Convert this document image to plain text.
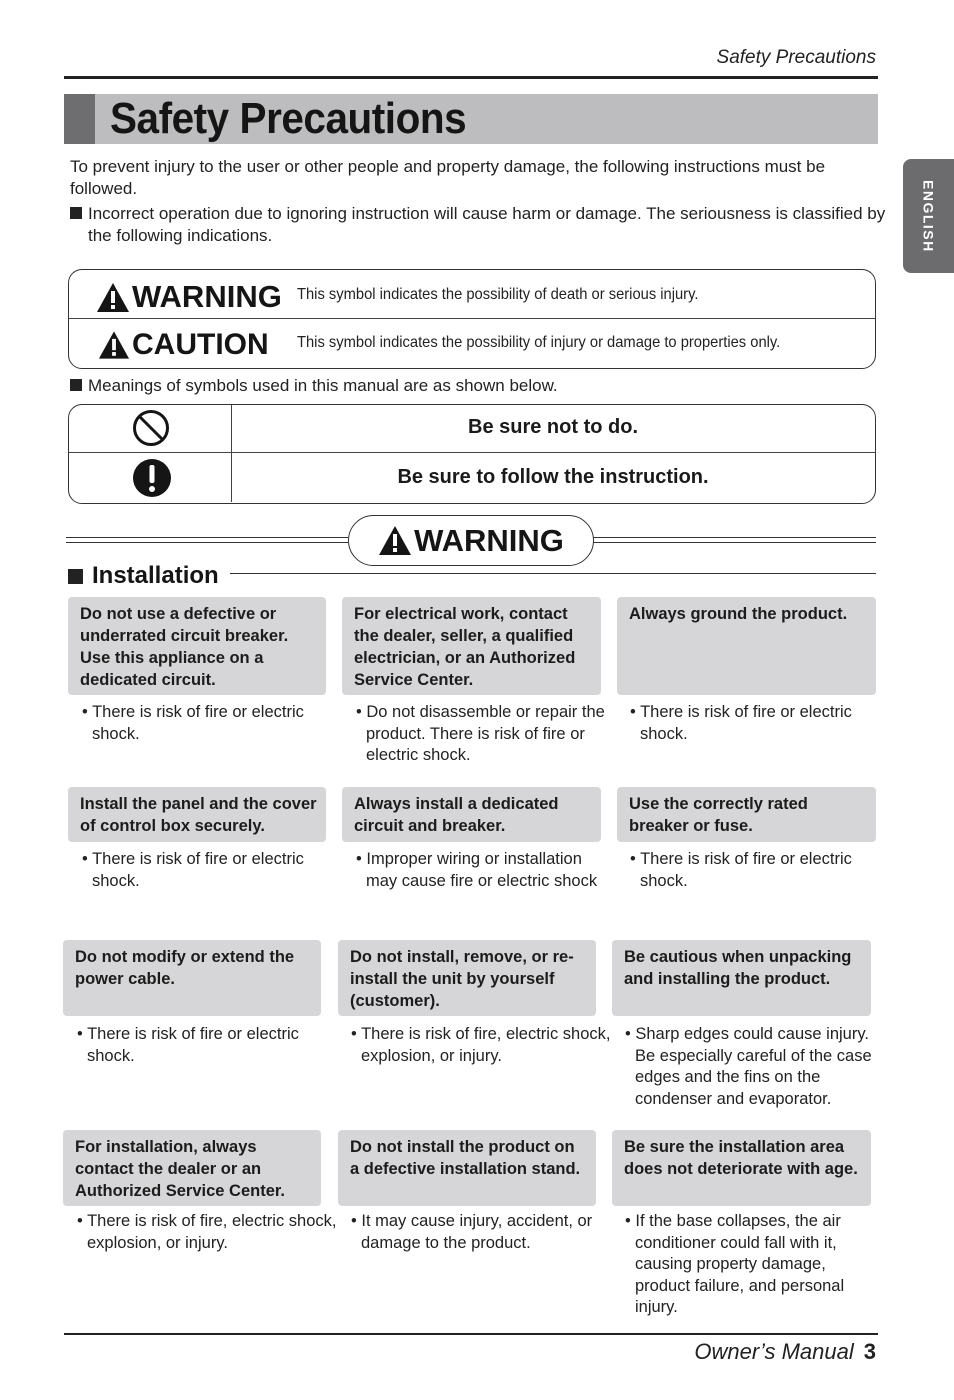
Safety Precautions
Safety Precautions
To prevent injury to the user or other people and property damage, the following instructions must be followed.
Incorrect operation due to ignoring instruction will cause harm or damage. The seriousness is classified by the following indications.
WARNING This symbol indicates the possibility of death or serious injury.
CAUTION This symbol indicates the possibility of injury or damage to properties only.
Meanings of symbols used in this manual are as shown below.
Be sure not to do.
Be sure to follow the instruction.
WARNING
Installation
Do not use a defective or underrated circuit breaker. Use this appliance on a dedicated circuit.
• There is risk of fire or electric shock.
For electrical work, contact the dealer, seller, a qualified electrician, or an Authorized Service Center.
• Do not disassemble or repair the product. There is risk of fire or electric shock.
Always ground the product.
• There is risk of fire or electric shock.
Install the panel and the cover of control box securely.
• There is risk of fire or electric shock.
Always install a dedicated circuit and breaker.
• Improper wiring or installation may cause fire or electric shock
Use the correctly rated breaker or fuse.
• There is risk of fire or electric shock.
Do not modify or extend the power cable.
• There is risk of fire or electric shock.
Do not install, remove, or re-install the unit by yourself (customer).
• There is risk of fire, electric shock, explosion, or injury.
Be cautious when unpacking and installing the product.
• Sharp edges could cause injury. Be especially careful of the case edges and the fins on the condenser and evaporator.
For installation, always contact the dealer or an Authorized Service Center.
• There is risk of fire, electric shock, explosion, or injury.
Do not install the product on a defective installation stand.
• It may cause injury, accident, or damage to the product.
Be sure the installation area does not deteriorate with age.
• If the base collapses, the air conditioner could fall with it, causing property damage, product failure, and personal injury.
Owner’s Manual 3
ENGLISH
